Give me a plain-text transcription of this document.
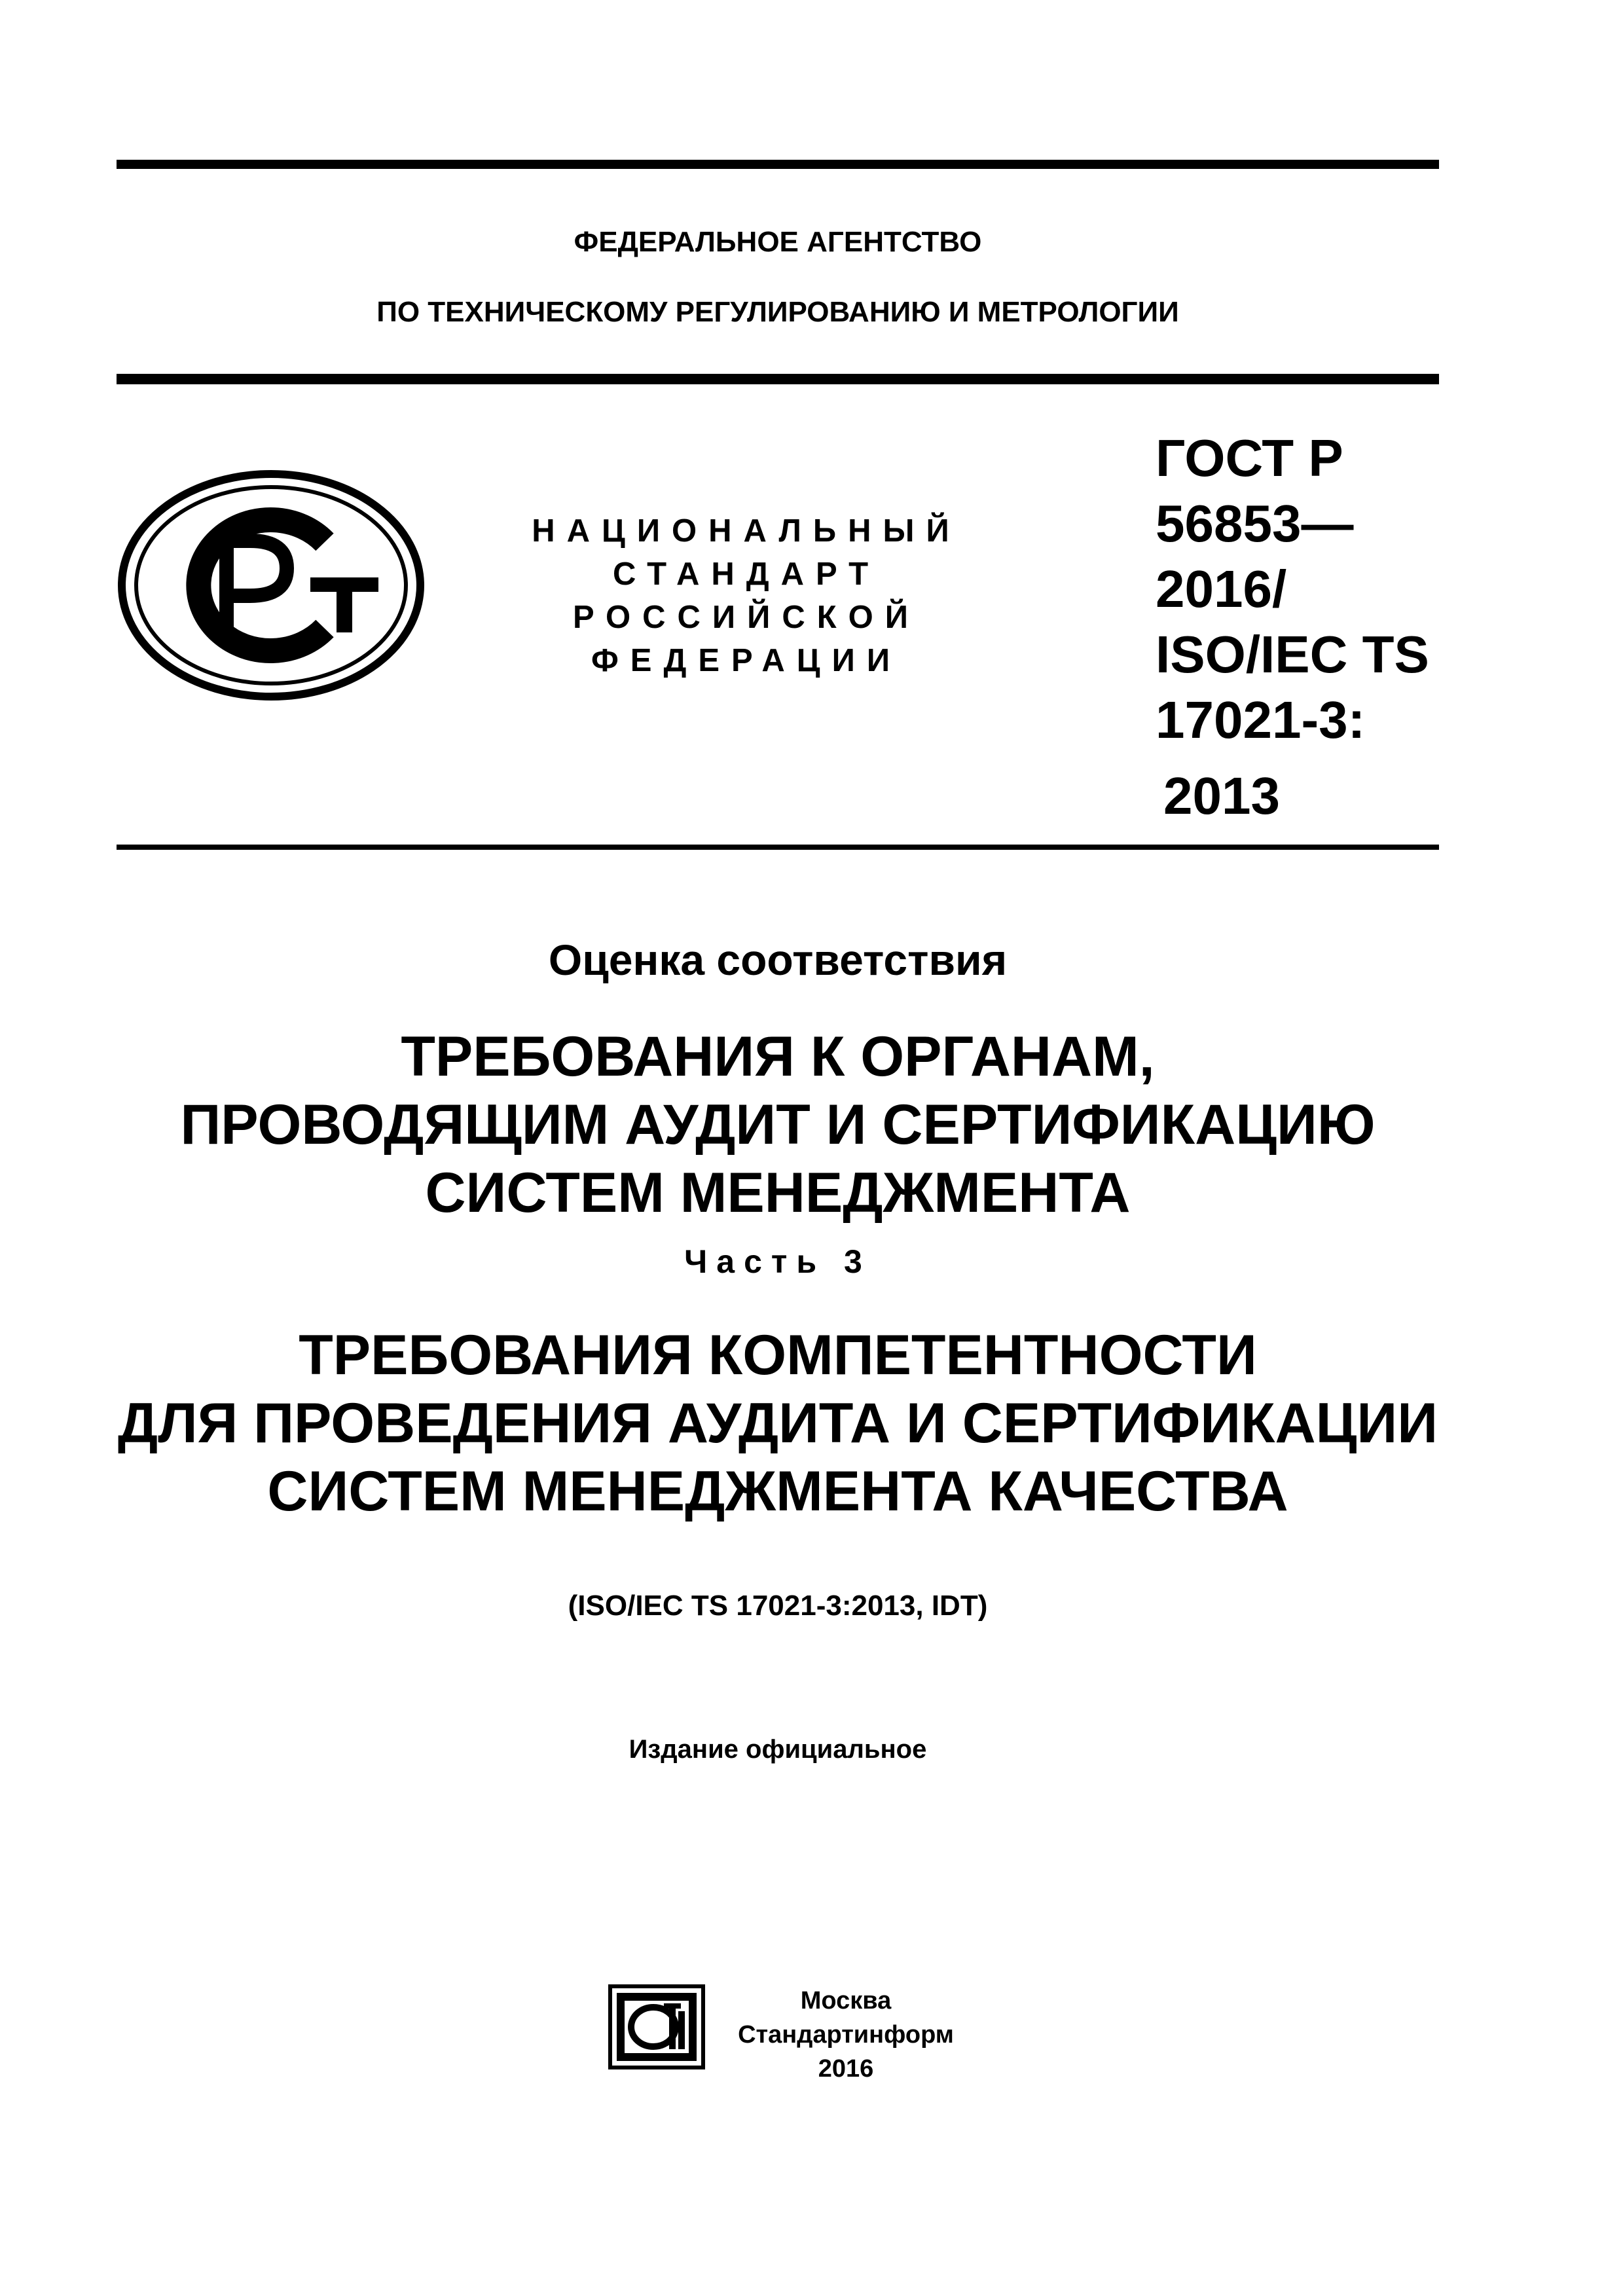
ФЕДЕРАЛЬНОЕ АГЕНТСТВО
ПО ТЕХНИЧЕСКОМУ РЕГУЛИРОВАНИЮ И МЕТРОЛОГИИ
НАЦИОНАЛЬНЫЙ
СТАНДАРТ
РОССИЙСКОЙ
ФЕДЕРАЦИИ
ГОСТ Р
56853—
2016/
ISO/IEC TS
17021-3:
2013
Оценка соответствия
ТРЕБОВАНИЯ К ОРГАНАМ,
ПРОВОДЯЩИМ АУДИТ И СЕРТИФИКАЦИЮ
СИСТЕМ МЕНЕДЖМЕНТА
Часть 3
ТРЕБОВАНИЯ КОМПЕТЕНТНОСТИ
ДЛЯ ПРОВЕДЕНИЯ АУДИТА И СЕРТИФИКАЦИИ
СИСТЕМ МЕНЕДЖМЕНТА КАЧЕСТВА
(ISO/IEC TS 17021-3:2013, IDT)
Издание официальное
Москва
Стандартинформ
2016
